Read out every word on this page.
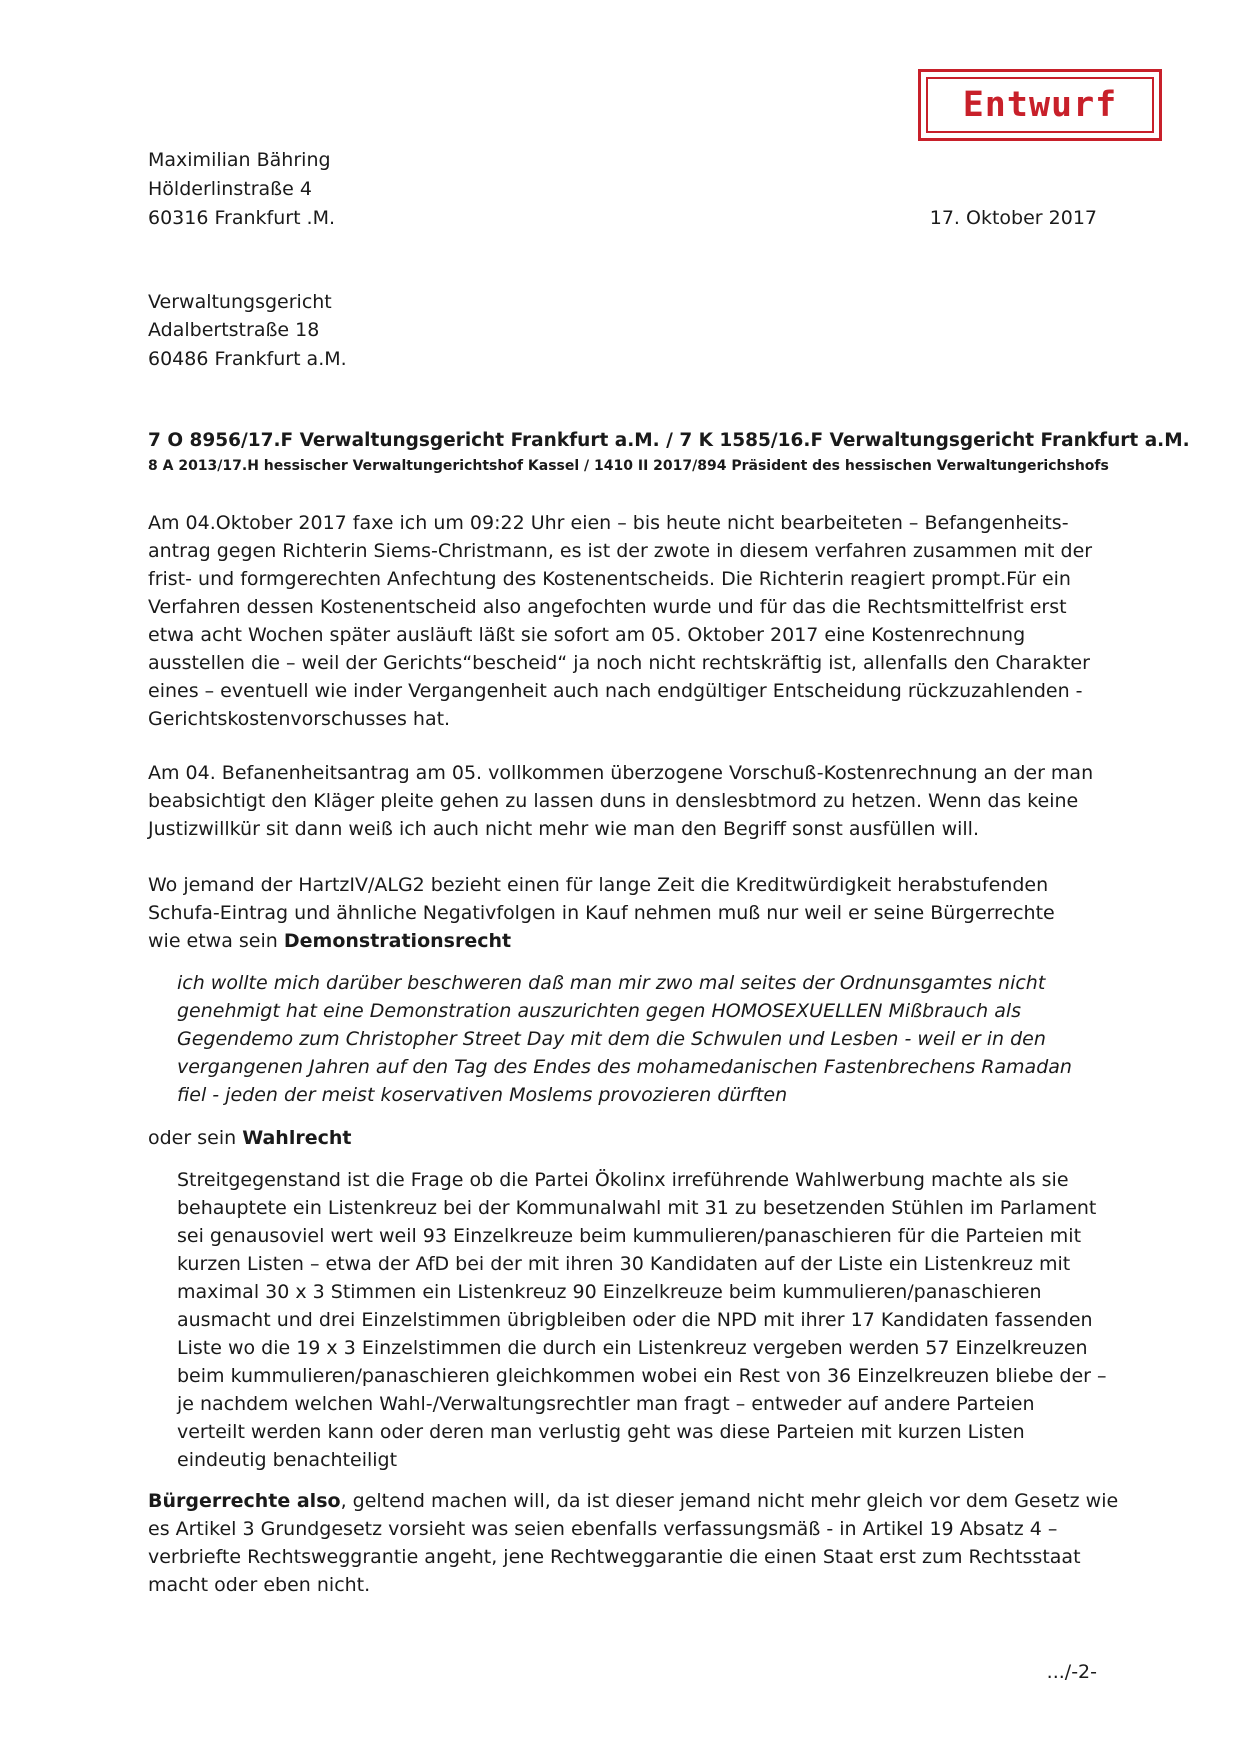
Entwurf
Maximilian Bähring
Hölderlinstraße 4
60316 Frankfurt .M.	17. Oktober 2017
Verwaltungsgericht
Adalbertstraße 18
60486 Frankfurt a.M.
7 O 8956/17.F Verwaltungsgericht Frankfurt a.M. / 7 K 1585/16.F Verwaltungsgericht Frankfurt a.M.
8 A 2013/17.H hessischer Verwaltungerichtshof Kassel / 1410 II 2017/894 Präsident des hessischen Verwaltungerichshofs
Am 04.Oktober 2017 faxe ich um 09:22 Uhr eien – bis heute nicht bearbeiteten – Befangenheits-
antrag gegen Richterin Siems-Christmann, es ist der zwote in diesem verfahren zusammen mit der
frist- und formgerechten Anfechtung des Kostenentscheids. Die Richterin reagiert prompt.Für ein
Verfahren dessen Kostenentscheid also angefochten wurde und für das die Rechtsmittelfrist erst
etwa acht Wochen später ausläuft läßt sie sofort am 05. Oktober 2017 eine Kostenrechnung
ausstellen die – weil der Gerichts“bescheid“ ja noch nicht rechtskräftig ist, allenfalls den Charakter
eines – eventuell wie inder Vergangenheit auch nach endgültiger Entscheidung rückzuzahlenden -
Gerichtskostenvorschusses hat.
Am 04. Befanenheitsantrag am 05. vollkommen überzogene Vorschuß-Kostenrechnung an der man
beabsichtigt den Kläger pleite gehen zu lassen duns in denslesbtmord zu hetzen. Wenn das keine
Justizwillkür sit dann weiß ich auch nicht mehr wie man den Begriff sonst ausfüllen will.
Wo jemand der HartzIV/ALG2 bezieht einen für lange Zeit die Kreditwürdigkeit herabstufenden
Schufa-Eintrag und ähnliche Negativfolgen in Kauf nehmen muß nur weil er seine Bürgerrechte
wie etwa sein Demonstrationsrecht
ich wollte mich darüber beschweren daß man mir zwo mal seites der Ordnunsgamtes nicht
genehmigt hat eine Demonstration auszurichten gegen HOMOSEXUELLEN Mißbrauch als
Gegendemo zum Christopher Street Day mit dem die Schwulen und Lesben - weil er in den
vergangenen Jahren auf den Tag des Endes des mohamedanischen Fastenbrechens Ramadan
fiel - jeden der meist koservativen Moslems provozieren dürften
oder sein Wahlrecht
Streitgegenstand ist die Frage ob die Partei Ökolinx irreführende Wahlwerbung machte als sie
behauptete ein Listenkreuz bei der Kommunalwahl mit 31 zu besetzenden Stühlen im Parlament
sei genausoviel wert weil 93 Einzelkreuze beim kummulieren/panaschieren für die Parteien mit
kurzen Listen – etwa der AfD bei der mit ihren 30 Kandidaten auf der Liste ein Listenkreuz mit
maximal 30 x 3 Stimmen ein Listenkreuz 90 Einzelkreuze beim kummulieren/panaschieren
ausmacht und drei Einzelstimmen übrigbleiben oder die NPD mit ihrer 17 Kandidaten fassenden
Liste wo die 19 x 3 Einzelstimmen die durch ein Listenkreuz vergeben werden 57 Einzelkreuzen
beim kummulieren/panaschieren gleichkommen wobei ein Rest von 36 Einzelkreuzen bliebe der –
je nachdem welchen Wahl-/Verwaltungsrechtler man fragt – entweder auf andere Parteien
verteilt werden kann oder deren man verlustig geht was diese Parteien mit kurzen Listen
eindeutig benachteiligt
Bürgerrechte also, geltend machen will, da ist dieser jemand nicht mehr gleich vor dem Gesetz wie
es Artikel 3 Grundgesetz vorsieht was seien ebenfalls verfassungsmäß - in Artikel 19 Absatz 4 –
verbriefte Rechtsweggrantie angeht, jene Rechtweggarantie die einen Staat erst zum Rechtsstaat
macht oder eben nicht.
.../-2-
